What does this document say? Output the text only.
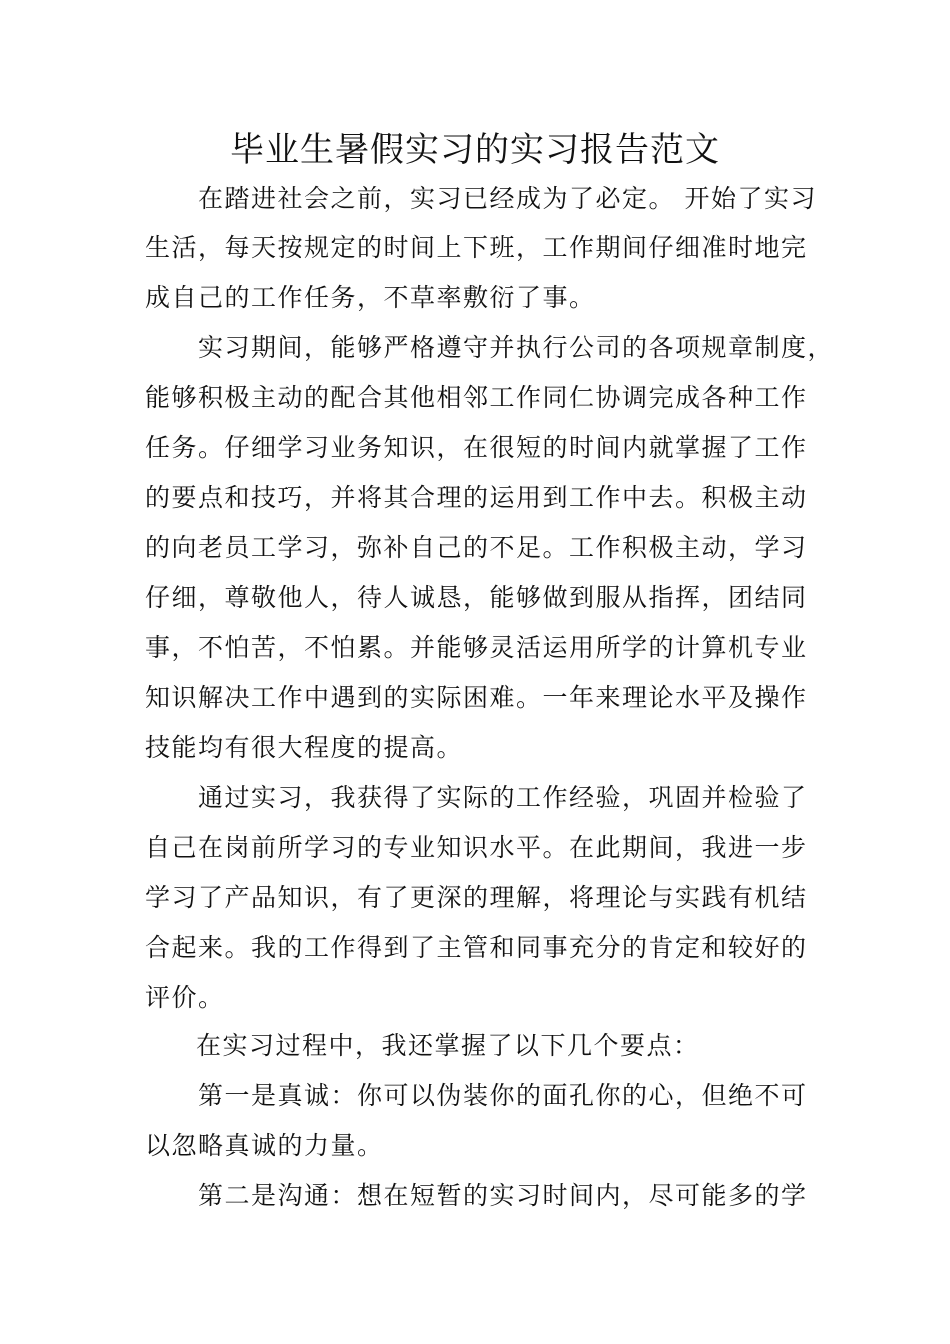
毕业生暑假实习的实习报告范文
在踏进社会之前，实习已经成为了必定。 开始了实习
生活，每天按规定的时间上下班，工作期间仔细准时地完
成自己的工作任务，不草率敷衍了事。
实习期间，能够严格遵守并执行公司的各项规章制度，
能够积极主动的配合其他相邻工作同仁协调完成各种工作
任务。仔细学习业务知识，在很短的时间内就掌握了工作
的要点和技巧，并将其合理的运用到工作中去。积极主动
的向老员工学习，弥补自己的不足。工作积极主动，学习
仔细，尊敬他人，待人诚恳，能够做到服从指挥，团结同
事，不怕苦，不怕累。并能够灵活运用所学的计算机专业
知识解决工作中遇到的实际困难。一年来理论水平及操作
技能均有很大程度的提高。
通过实习，我获得了实际的工作经验，巩固并检验了
自己在岗前所学习的专业知识水平。在此期间，我进一步
学习了产品知识，有了更深的理解，将理论与实践有机结
合起来。我的工作得到了主管和同事充分的肯定和较好的
评价。
在实习过程中，我还掌握了以下几个要点：
第一是真诚：你可以伪装你的面孔你的心，但绝不可
以忽略真诚的力量。
第二是沟通：想在短暂的实习时间内，尽可能多的学
